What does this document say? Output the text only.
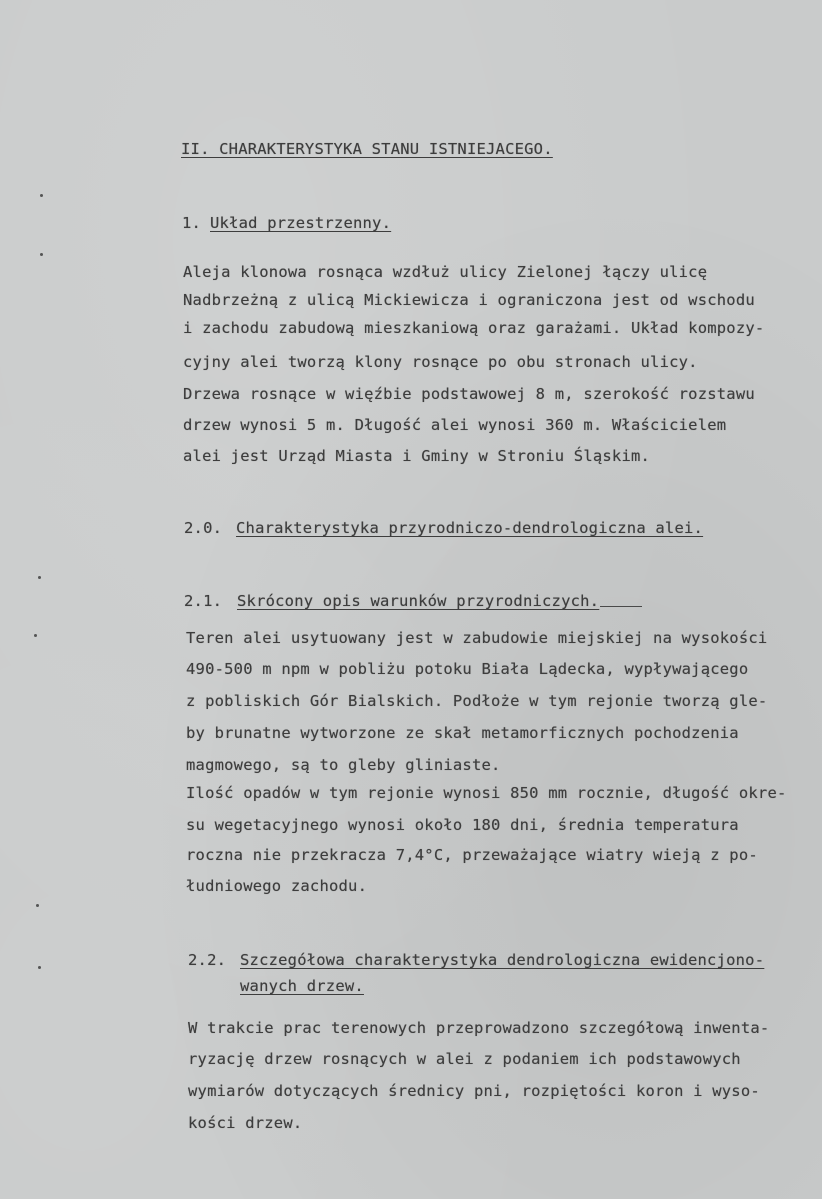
II. CHARAKTERYSTYKA STANU ISTNIEJACEGO.
1. Układ przestrzenny.
Aleja klonowa rosnąca wzdłuż ulicy Zielonej łączy ulicę
Nadbrzeżną z ulicą Mickiewicza i ograniczona jest od wschodu
i zachodu zabudową mieszkaniową oraz garażami. Układ kompozy-
cyjny alei tworzą klony rosnące po obu stronach ulicy.
Drzewa rosnące w więźbie podstawowej 8 m, szerokość rozstawu
drzew wynosi 5 m. Długość alei wynosi 360 m. Właścicielem
alei jest Urząd Miasta i Gminy w Stroniu Śląskim.
2.0. Charakterystyka przyrodniczo-dendrologiczna alei.
2.1. Skrócony opis warunków przyrodniczych.
Teren alei usytuowany jest w zabudowie miejskiej na wysokości
490-500 m npm w pobliżu potoku Biała Lądecka, wypływającego
z pobliskich Gór Bialskich. Podłoże w tym rejonie tworzą gle-
by brunatne wytworzone ze skał metamorficznych pochodzenia
magmowego, są to gleby gliniaste.
Ilość opadów w tym rejonie wynosi 850 mm rocznie, długość okre-
su wegetacyjnego wynosi około 180 dni, średnia temperatura
roczna nie przekracza 7,4°C, przeważające wiatry wieją z po-
łudniowego zachodu.
2.2. Szczegółowa charakterystyka dendrologiczna ewidencjono-
wanych drzew.
W trakcie prac terenowych przeprowadzono szczegółową inwenta-
ryzację drzew rosnących w alei z podaniem ich podstawowych
wymiarów dotyczących średnicy pni, rozpiętości koron i wyso-
kości drzew.
